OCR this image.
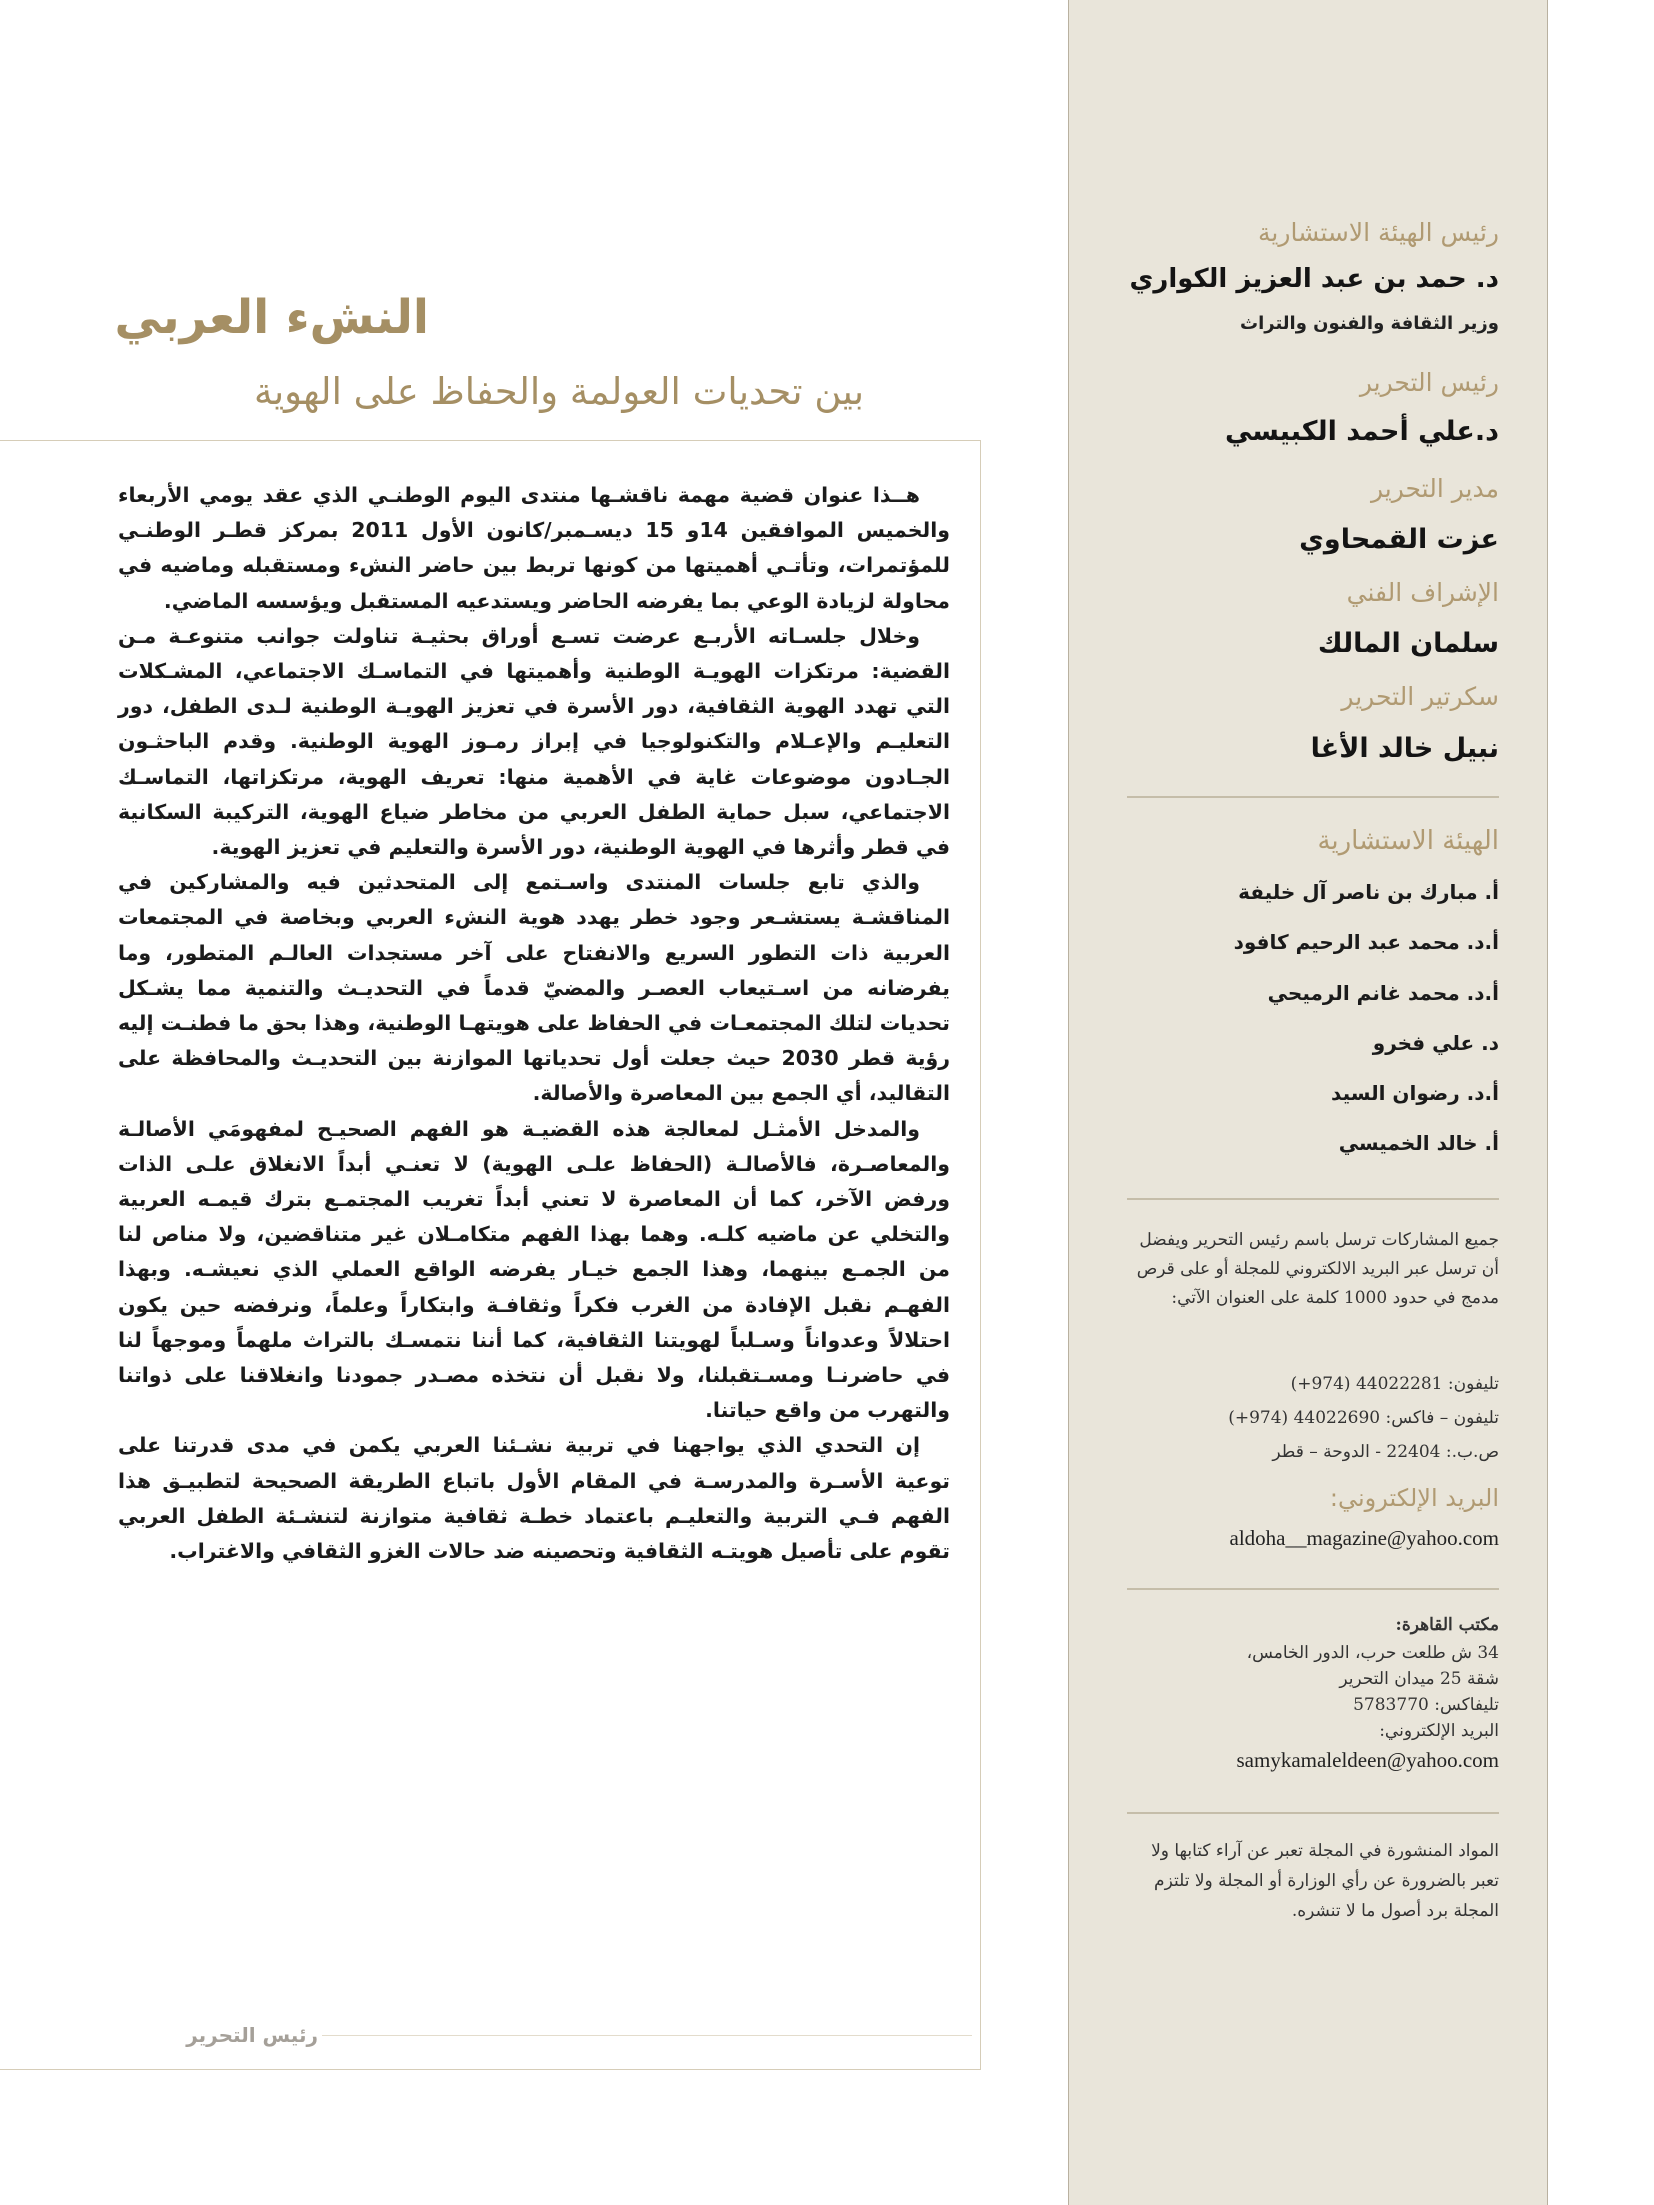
رئيس الهيئة الاستشارية
د. حمد بن عبد العزيز الكواري
وزير الثقافة والفنون والتراث
رئيس التحرير
د.علي أحمد الكبيسي
مدير التحرير
عزت القمحاوي
الإشراف الفني
سلمان المالك
سكرتير التحرير
نبيل خالد الأغا
الهيئة الاستشارية
أ. مبارك بن ناصر آل خليفة
أ.د. محمد عبد الرحيم كافود
أ.د. محمد غانم الرميحي
د. علي فخرو
أ.د. رضوان السيد
أ. خالد الخميسي
جميع المشاركات ترسل باسم رئيس التحرير ويفضل أن ترسل عبر البريد الالكتروني للمجلة أو على قرص مدمج في حدود 1000 كلمة على العنوان الآتي:
تليفون: 44022281 (974+)
تليفون – فاكس: 44022690 (974+)
ص.ب.: 22404 - الدوحة – قطر
البريد الإلكتروني:
aldoha__magazine@yahoo.com
مكتب القاهرة:
34 ش طلعت حرب، الدور الخامس،
شقة 25 ميدان التحرير
تليفاكس: 5783770
البريد الإلكتروني:
samykamaleldeen@yahoo.com
المواد المنشورة في المجلة تعبر عن آراء كتابها ولا تعبر بالضرورة عن رأي الوزارة أو المجلة ولا تلتزم المجلة برد أصول ما لا تنشره.
النشء العربي
بين تحديات العولمة والحفاظ على الهوية

هــذا عنوان قضية مهمة ناقشـها منتدى اليوم الوطنـي الذي عقد يومي الأربعاء والخميس الموافقين 14و 15 ديسـمبر/كانون الأول 2011 بمركز قطـر الوطنـي للمؤتمرات، وتأتـي أهميتها من كونها تربط بين حاضر النشء ومستقبله وماضيه في محاولة لزيادة الوعي بما يفرضه الحاضر ويستدعيه المستقبل ويؤسسه الماضي.

وخلال جلسـاته الأربـع عرضت تسـع أوراق بحثيـة تناولت جوانب متنوعـة مـن القضية: مرتكزات الهويـة الوطنية وأهميتها في التماسـك الاجتماعي، المشـكلات التي تهدد الهوية الثقافية، دور الأسرة في تعزيز الهويـة الوطنية لـدى الطفل، دور التعليـم والإعـلام والتكنولوجيا في إبراز رمـوز الهوية الوطنية. وقدم الباحثـون الجـادون موضوعات غاية في الأهمية منها: تعريف الهوية، مرتكزاتها، التماسـك الاجتماعي، سبل حماية الطفل العربي من مخاطر ضياع الهوية، التركيبة السكانية في قطر وأثرها في الهوية الوطنية، دور الأسرة والتعليم في تعزيز الهوية.

والذي تابع جلسات المنتدى واسـتمع إلى المتحدثين فيه والمشاركين في المناقشـة يستشـعر وجود خطر يهدد هوية النشء العربي وبخاصة في المجتمعات العربية ذات التطور السريع والانفتاح على آخر مستجدات العالـم المتطور، وما يفرضانه من اسـتيعاب العصـر والمضيّ قدماً في التحديـث والتنمية مما يشـكل تحديات لتلك المجتمعـات في الحفاظ على هويتهـا الوطنية، وهذا بحق ما فطنـت إليه رؤية قطر 2030 حيث جعلت أول تحدياتها الموازنة بين التحديـث والمحافظة على التقاليد، أي الجمع بين المعاصرة والأصالة.

والمدخل الأمثـل لمعالجة هذه القضيـة هو الفهم الصحيـح لمفهومَي الأصالـة والمعاصـرة، فالأصالـة (الحفاظ علـى الهوية) لا تعنـي أبداً الانغلاق علـى الذات ورفض الآخر، كما أن المعاصرة لا تعني أبداً تغريب المجتمـع بترك قيمـه العربية والتخلي عن ماضيه كلـه. وهما بهذا الفهم متكامـلان غير متناقضين، ولا مناص لنا من الجمـع بينهما، وهذا الجمع خيـار يفرضه الواقع العملي الذي نعيشـه. وبهذا الفهـم نقبل الإفادة من الغرب فكراً وثقافـة وابتكاراً وعلماً، ونرفضه حين يكون احتلالاً وعدواناً وسـلباً لهويتنا الثقافية، كما أننا نتمسـك بالتراث ملهماً وموجهاً لنا في حاضرنـا ومسـتقبلنا، ولا نقبل أن نتخذه مصـدر جمودنا وانغلاقنا على ذواتنا والتهرب من واقع حياتنا.

إن التحدي الذي يواجهنا في تربية نشـئنا العربي يكمن في مدى قدرتنا على توعية الأسـرة والمدرسـة في المقام الأول باتباع الطريقة الصحيحة لتطبيـق هذا الفهم فـي التربية والتعليـم باعتماد خطـة ثقافية متوازنة لتنشـئة الطفل العربي تقوم على تأصيل هويتـه الثقافية وتحصينه ضد حالات الغزو الثقافي والاغتراب.

رئيس التحرير
